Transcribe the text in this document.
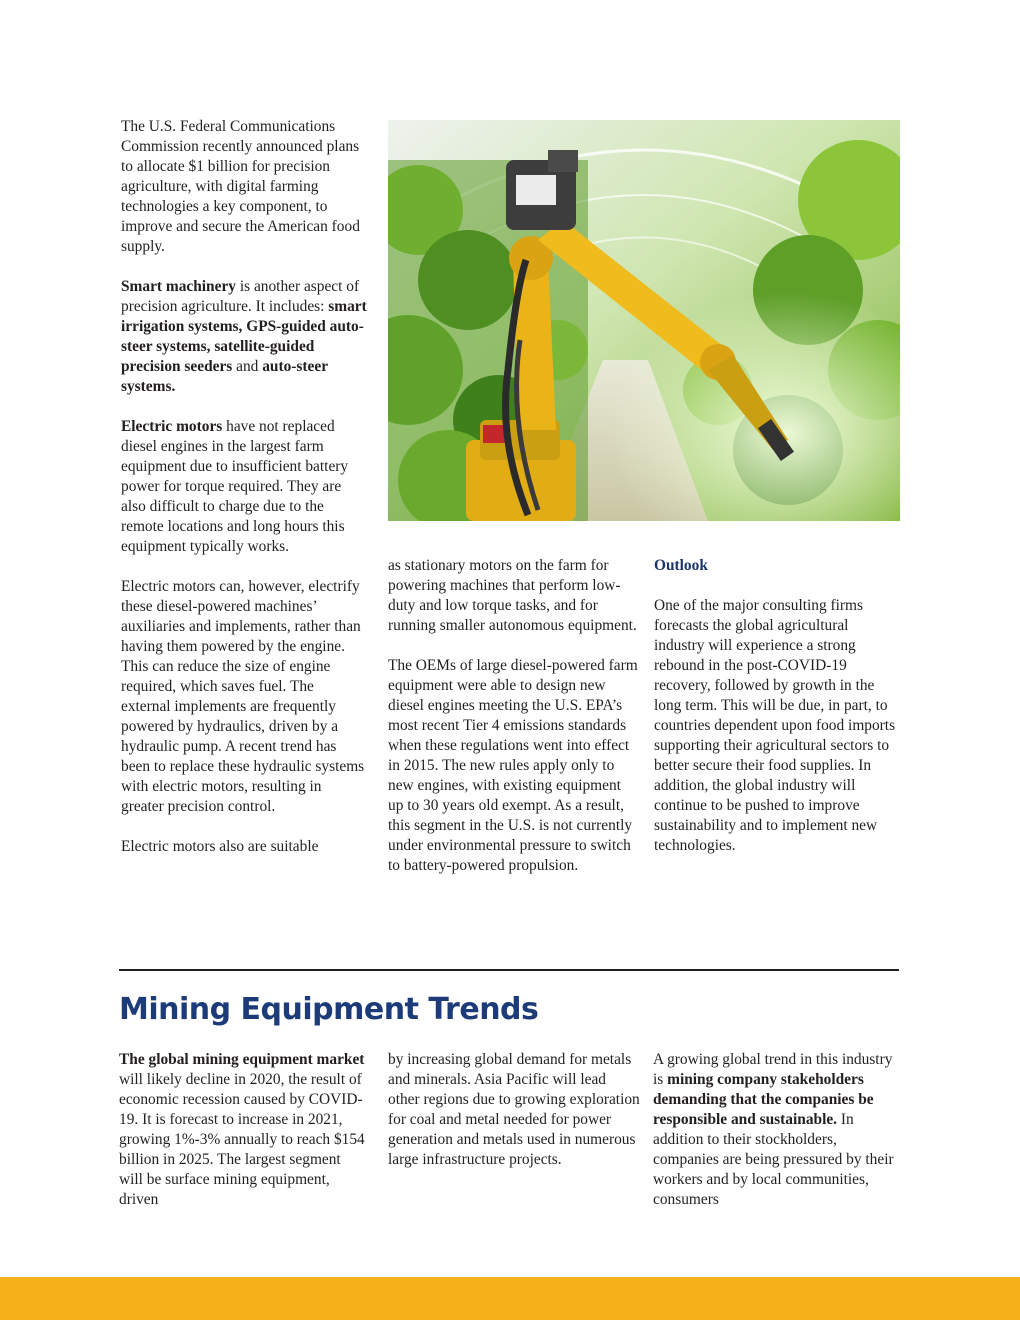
The U.S. Federal Communications Commission recently announced plans to allocate $1 billion for precision agriculture, with digital farming technologies a key component, to improve and secure the American food supply.

Smart machinery is another aspect of precision agriculture. It includes: smart irrigation systems, GPS-guided auto-steer systems, satellite-guided precision seeders and auto-steer systems.

Electric motors have not replaced diesel engines in the largest farm equipment due to insufficient battery power for torque required. They are also difficult to charge due to the remote locations and long hours this equipment typically works.

Electric motors can, however, electrify these diesel-powered machines’ auxiliaries and implements, rather than having them powered by the engine. This can reduce the size of engine required, which saves fuel. The external implements are frequently powered by hydraulics, driven by a hydraulic pump. A recent trend has been to replace these hydraulic systems with electric motors, resulting in greater precision control.

Electric motors also are suitable

as stationary motors on the farm for powering machines that perform low-duty and low torque tasks, and for running smaller autonomous equipment.

The OEMs of large diesel-powered farm equipment were able to design new diesel engines meeting the U.S. EPA’s most recent Tier 4 emissions standards when these regulations went into effect in 2015. The new rules apply only to new engines, with existing equipment up to 30 years old exempt. As a result, this segment in the U.S. is not currently under environmental pressure to switch to battery-powered propulsion.

Outlook

One of the major consulting firms forecasts the global agricultural industry will experience a strong rebound in the post-COVID-19 recovery, followed by growth in the long term. This will be due, in part, to countries dependent upon food imports supporting their agricultural sectors to better secure their food supplies. In addition, the global industry will continue to be pushed to improve sustainability and to implement new technologies.

Mining Equipment Trends

The global mining equipment market will likely decline in 2020, the result of economic recession caused by COVID-19. It is forecast to increase in 2021, growing 1%-3% annually to reach $154 billion in 2025. The largest segment will be surface mining equipment, driven

by increasing global demand for metals and minerals. Asia Pacific will lead other regions due to growing exploration for coal and metal needed for power generation and metals used in numerous large infrastructure projects.

A growing global trend in this industry is mining company stakeholders demanding that the companies be responsible and sustainable. In addition to their stockholders, companies are being pressured by their workers and by local communities, consumers
